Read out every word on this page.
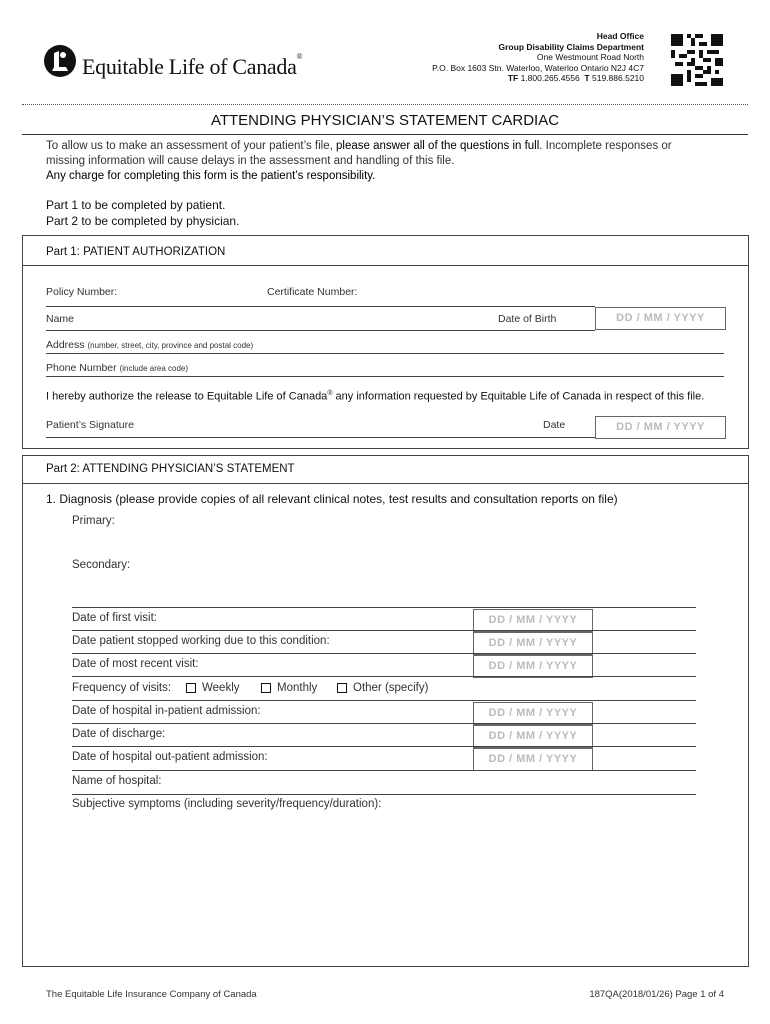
Equitable Life of Canada®
Head Office
Group Disability Claims Department
One Westmount Road North
P.O. Box 1603 Stn. Waterloo, Waterloo Ontario N2J 4C7
TF 1.800.265.4556 T 519.886.5210
ATTENDING PHYSICIAN’S STATEMENT CARDIAC
To allow us to make an assessment of your patient’s file, please answer all of the questions in full. Incomplete responses or
missing information will cause delays in the assessment and handling of this file.
Any charge for completing this form is the patient’s responsibility.
Part 1 to be completed by patient.
Part 2 to be completed by physician.
Part 1: PATIENT AUTHORIZATION
Policy Number:	Certificate Number:
Name	Date of Birth	DD / MM / YYYY
Address (number, street, city, province and postal code)
Phone Number (include area code)
I hereby authorize the release to Equitable Life of Canada® any information requested by Equitable Life of Canada in respect of this file.
Patient’s Signature	Date	DD / MM / YYYY
Part 2: ATTENDING PHYSICIAN’S STATEMENT
1. Diagnosis (please provide copies of all relevant clinical notes, test results and consultation reports on file)
Primary:
Secondary:
Date of first visit:	DD / MM / YYYY
Date patient stopped working due to this condition:	DD / MM / YYYY
Date of most recent visit:	DD / MM / YYYY
Frequency of visits:	Weekly	Monthly	Other (specify)
Date of hospital in-patient admission:	DD / MM / YYYY
Date of discharge:	DD / MM / YYYY
Date of hospital out-patient admission:	DD / MM / YYYY
Name of hospital:
Subjective symptoms (including severity/frequency/duration):
The Equitable Life Insurance Company of Canada	187QA(2018/01/26) Page 1 of 4
